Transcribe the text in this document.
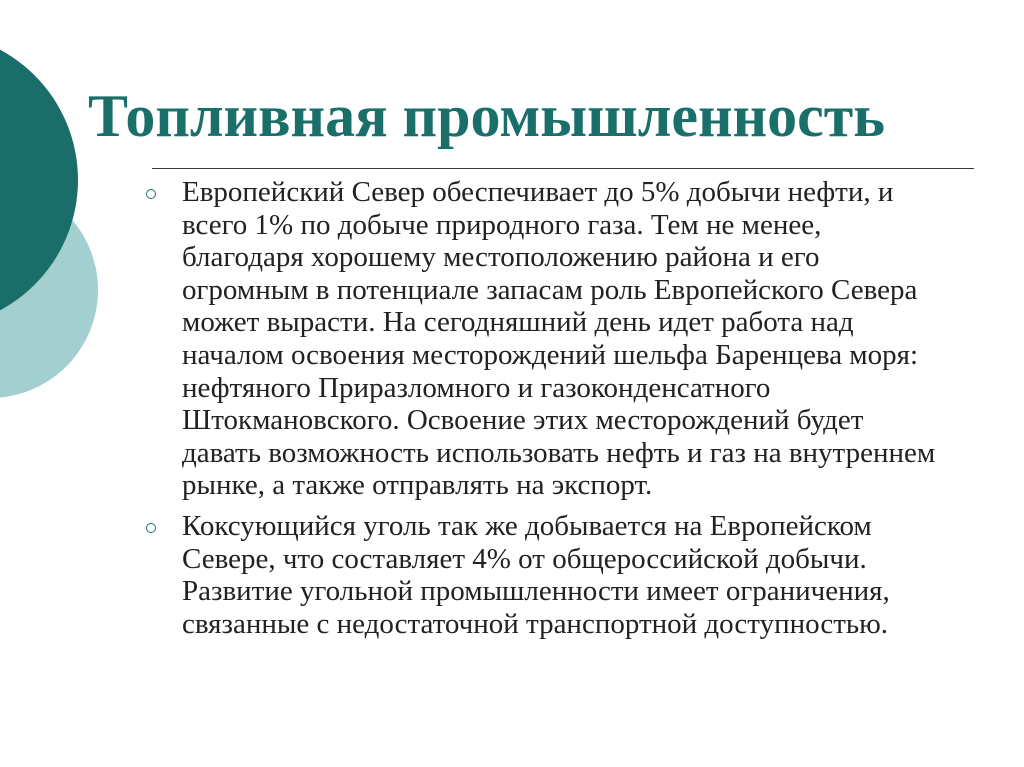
Топливная промышленность
Европейский Север обеспечивает до 5% добычи нефти, и всего 1% по добыче природного газа. Тем не менее, благодаря хорошему местоположению района и его огромным в потенциале запасам роль Европейского Севера может вырасти. На сегодняшний день идет работа над началом освоения месторождений шельфа Баренцева моря: нефтяного Приразломного и газоконденсатного Штокмановского. Освоение этих месторождений будет давать возможность использовать нефть и газ на внутреннем рынке, а также отправлять на экспорт.
Коксующийся уголь так же добывается на Европейском Севере, что составляет 4% от общероссийской добычи. Развитие угольной промышленности имеет ограничения, связанные с недостаточной транспортной доступностью.
